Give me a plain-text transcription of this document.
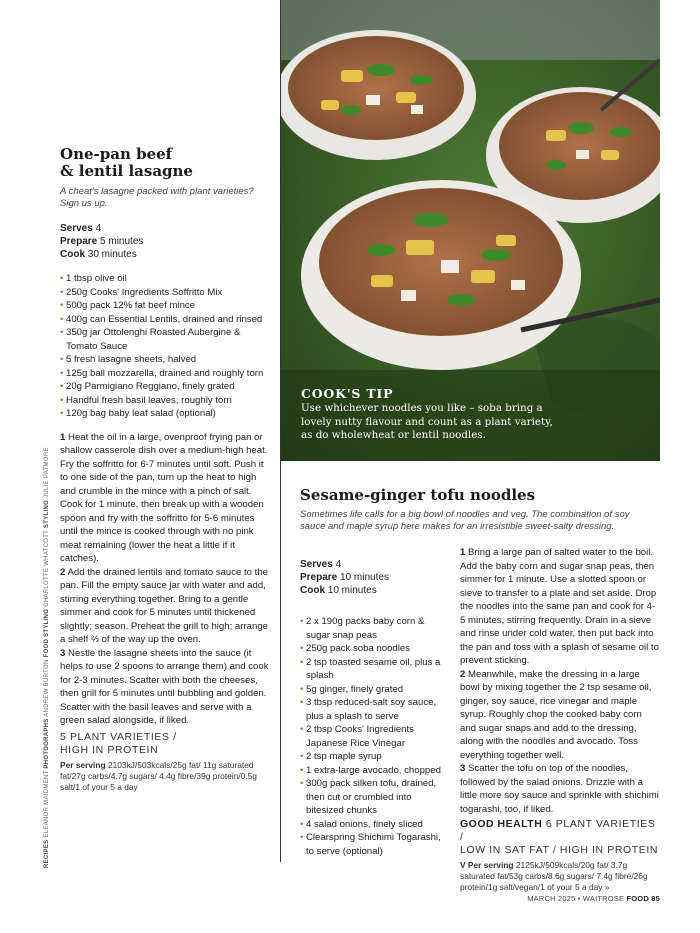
One-pan beef
& lentil lasagne

A cheat's lasagne packed with plant varieties? Sign us up.

Serves 4
Prepare 5 minutes
Cook 30 minutes
• 1 tbsp olive oil
• 250g Cooks' Ingredients Soffritto Mix
• 500g pack 12% fat beef mince
• 400g can Essential Lentils, drained and rinsed
• 350g jar Ottolenghi Roasted Aubergine & Tomato Sauce
• 5 fresh lasagne sheets, halved
• 125g ball mozzarella, drained and roughly torn
• 20g Parmigiano Reggiano, finely grated
• Handful fresh basil leaves, roughly torn
• 120g bag baby leaf salad (optional)

1 Heat the oil in a large, ovenproof frying pan or shallow casserole dish over a medium-high heat. Fry the soffritto for 6-7 minutes until soft. Push it to one side of the pan, turn up the heat to high and crumble in the mince with a pinch of salt. Cook for 1 minute, then break up with a wooden spoon and fry with the soffritto for 5-6 minutes until the mince is cooked through with no pink meat remaining (lower the heat a little if it catches).

2 Add the drained lentils and tomato sauce to the pan. Fill the empty sauce jar with water and add, stirring everything together. Bring to a gentle simmer and cook for 5 minutes until thickened slightly; season. Preheat the grill to high; arrange a shelf ⅔ of the way up the oven.

3 Nestle the lasagne sheets into the sauce (it helps to use 2 spoons to arrange them) and cook for 2-3 minutes. Scatter with both the cheeses, then grill for 5 minutes until bubbling and golden. Scatter with the basil leaves and serve with a green salad alongside, if liked.

5 PLANT VARIETIES /
HIGH IN PROTEIN

Per serving 2103kJ/503kcals/25g fat/ 11g saturated fat/27g carbs/4.7g sugars/ 4.4g fibre/39g protein/0.5g salt/1 of your 5 a day

RECIPES ELEANOR MAIDMENT PHOTOGRAPHS ANDREW BURTON FOOD STYLING CHARLOTTE WHATCOTT STYLING JULIE PATMORE
COOK'S TIP

Use whichever noodles you like – soba bring a lovely nutty flavour and count as a plant variety, as do wholewheat or lentil noodles.

Sesame-ginger tofu noodles

Sometimes life calls for a big bowl of noodles and veg. The combination of soy sauce and maple syrup here makes for an irresistible sweet-salty dressing.

Serves 4
Prepare 10 minutes
Cook 10 minutes
• 2 x 190g packs baby corn & sugar snap peas
• 250g pack soba noodles
• 2 tsp toasted sesame oil, plus a splash
• 5g ginger, finely grated
• 3 tbsp reduced-salt soy sauce, plus a splash to serve
• 2 tbsp Cooks' Ingredients Japanese Rice Vinegar
• 2 tsp maple syrup
• 1 extra-large avocado, chopped
• 300g pack silken tofu, drained, then cut or crumbled into bitesized chunks
• 4 salad onions, finely sliced
• Clearspring Shichimi Togarashi, to serve (optional)

1 Bring a large pan of salted water to the boil. Add the baby corn and sugar snap peas, then simmer for 1 minute. Use a slotted spoon or sieve to transfer to a plate and set aside. Drop the noodles into the same pan and cook for 4-5 minutes, stirring frequently. Drain in a sieve and rinse under cold water, then put back into the pan and toss with a splash of sesame oil to prevent sticking.

2 Meanwhile, make the dressing in a large bowl by mixing together the 2 tsp sesame oil, ginger, soy sauce, rice vinegar and maple syrup. Roughly chop the cooked baby corn and sugar snaps and add to the dressing, along with the noodles and avocado. Toss everything together well.

3 Scatter the tofu on top of the noodles, followed by the salad onions. Drizzle with a little more soy sauce and sprinkle with shichimi togarashi, too, if liked.

GOOD HEALTH 6 PLANT VARIETIES /
LOW IN SAT FAT / HIGH IN PROTEIN

V Per serving 2125kJ/509kcals/20g fat/ 3.7g saturated fat/53g carbs/8.6g sugars/ 7.4g fibre/26g protein/1g salt/vegan/1 of your 5 a day »

MARCH 2025 • WAITROSE FOOD 85
